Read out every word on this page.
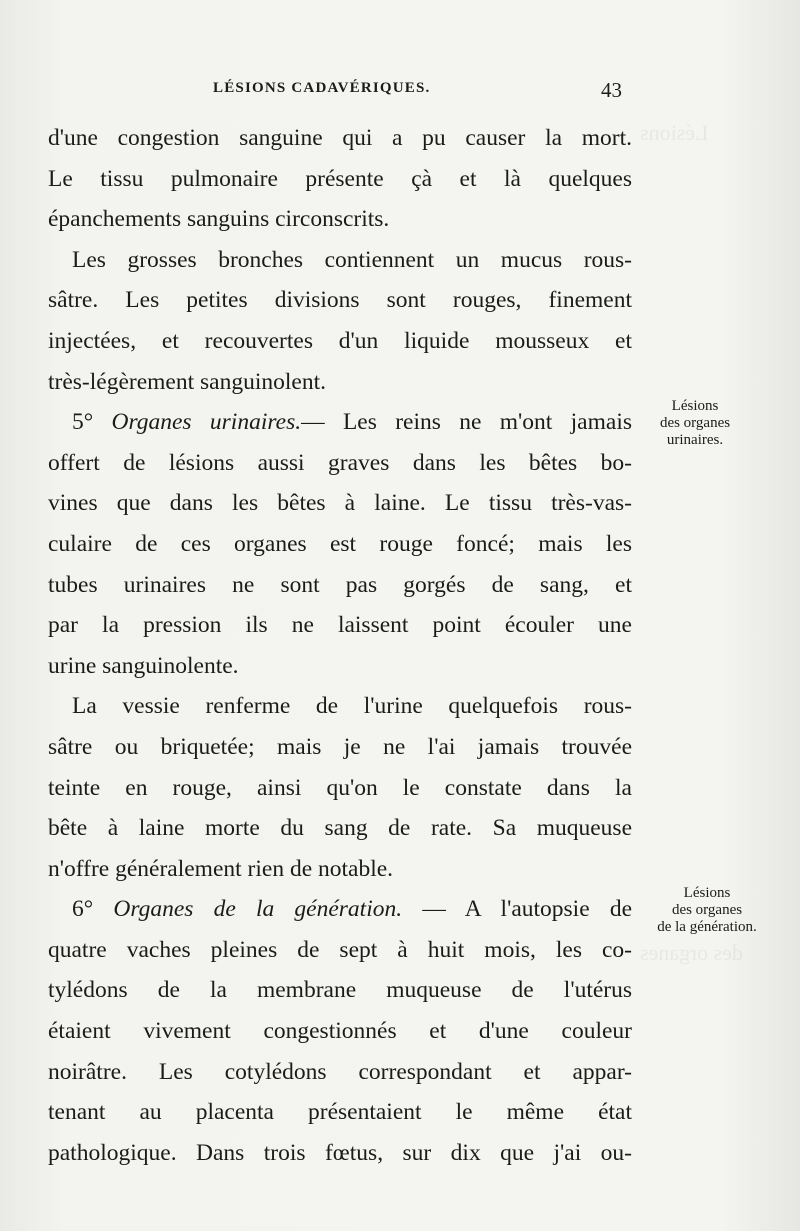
Lésions
des organes
LÉSIONS CADAVÉRIQUES.	43
d'une congestion sanguine qui a pu causer la mort.
Le tissu pulmonaire présente çà et là quelques
épanchements sanguins circonscrits.
Les grosses bronches contiennent un mucus rous-
sâtre. Les petites divisions sont rouges, finement
injectées, et recouvertes d'un liquide mousseux et
très-légèrement sanguinolent.
5° Organes urinaires.— Les reins ne m'ont jamais
offert de lésions aussi graves dans les bêtes bo-
vines que dans les bêtes à laine. Le tissu très-vas-
culaire de ces organes est rouge foncé; mais les
tubes urinaires ne sont pas gorgés de sang, et
par la pression ils ne laissent point écouler une
urine sanguinolente.
La vessie renferme de l'urine quelquefois rous-
sâtre ou briquetée; mais je ne l'ai jamais trouvée
teinte en rouge, ainsi qu'on le constate dans la
bête à laine morte du sang de rate. Sa muqueuse
n'offre généralement rien de notable.
6° Organes de la génération. — A l'autopsie de
quatre vaches pleines de sept à huit mois, les co-
tylédons de la membrane muqueuse de l'utérus
étaient vivement congestionnés et d'une couleur
noirâtre. Les cotylédons correspondant et appar-
tenant au placenta présentaient le même état
pathologique. Dans trois fœtus, sur dix que j'ai ou-
Lésions
des organes
urinaires.
Lésions
des organes
de la génération.
